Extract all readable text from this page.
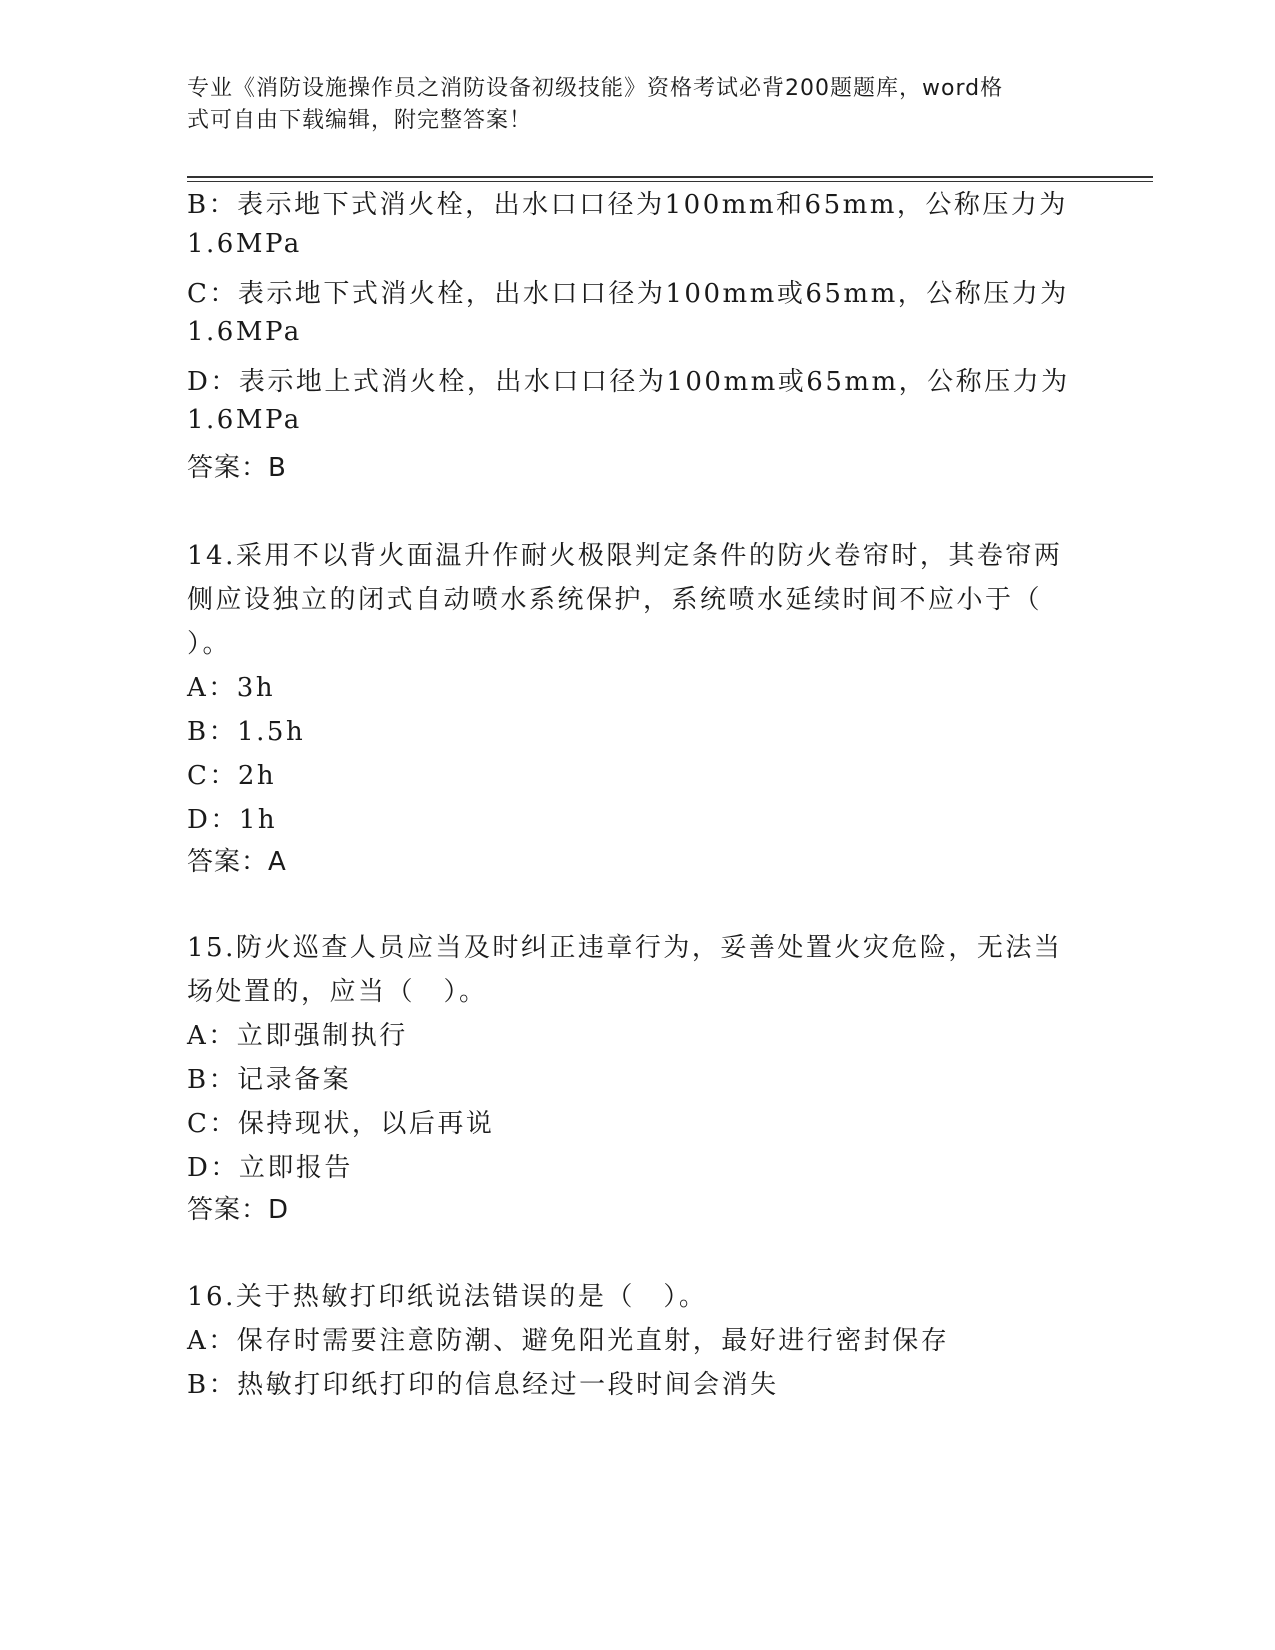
专业《消防设施操作员之消防设备初级技能》资格考试必背200题题库，word格
式可自由下载编辑，附完整答案！
B：表示地下式消火栓，出水口口径为100mm和65mm，公称压力为
1.6MPa
C：表示地下式消火栓，出水口口径为100mm或65mm，公称压力为
1.6MPa
D：表示地上式消火栓，出水口口径为100mm或65mm，公称压力为
1.6MPa
答案：B
14.采用不以背火面温升作耐火极限判定条件的防火卷帘时，其卷帘两
侧应设独立的闭式自动喷水系统保护，系统喷水延续时间不应小于（
）。
A：3h
B：1.5h
C：2h
D：1h
答案：A
15.防火巡查人员应当及时纠正违章行为，妥善处置火灾危险，无法当
场处置的，应当（　）。
A：立即强制执行
B：记录备案
C：保持现状，以后再说
D：立即报告
答案：D
16.关于热敏打印纸说法错误的是（　）。
A：保存时需要注意防潮、避免阳光直射，最好进行密封保存
B：热敏打印纸打印的信息经过一段时间会消失
